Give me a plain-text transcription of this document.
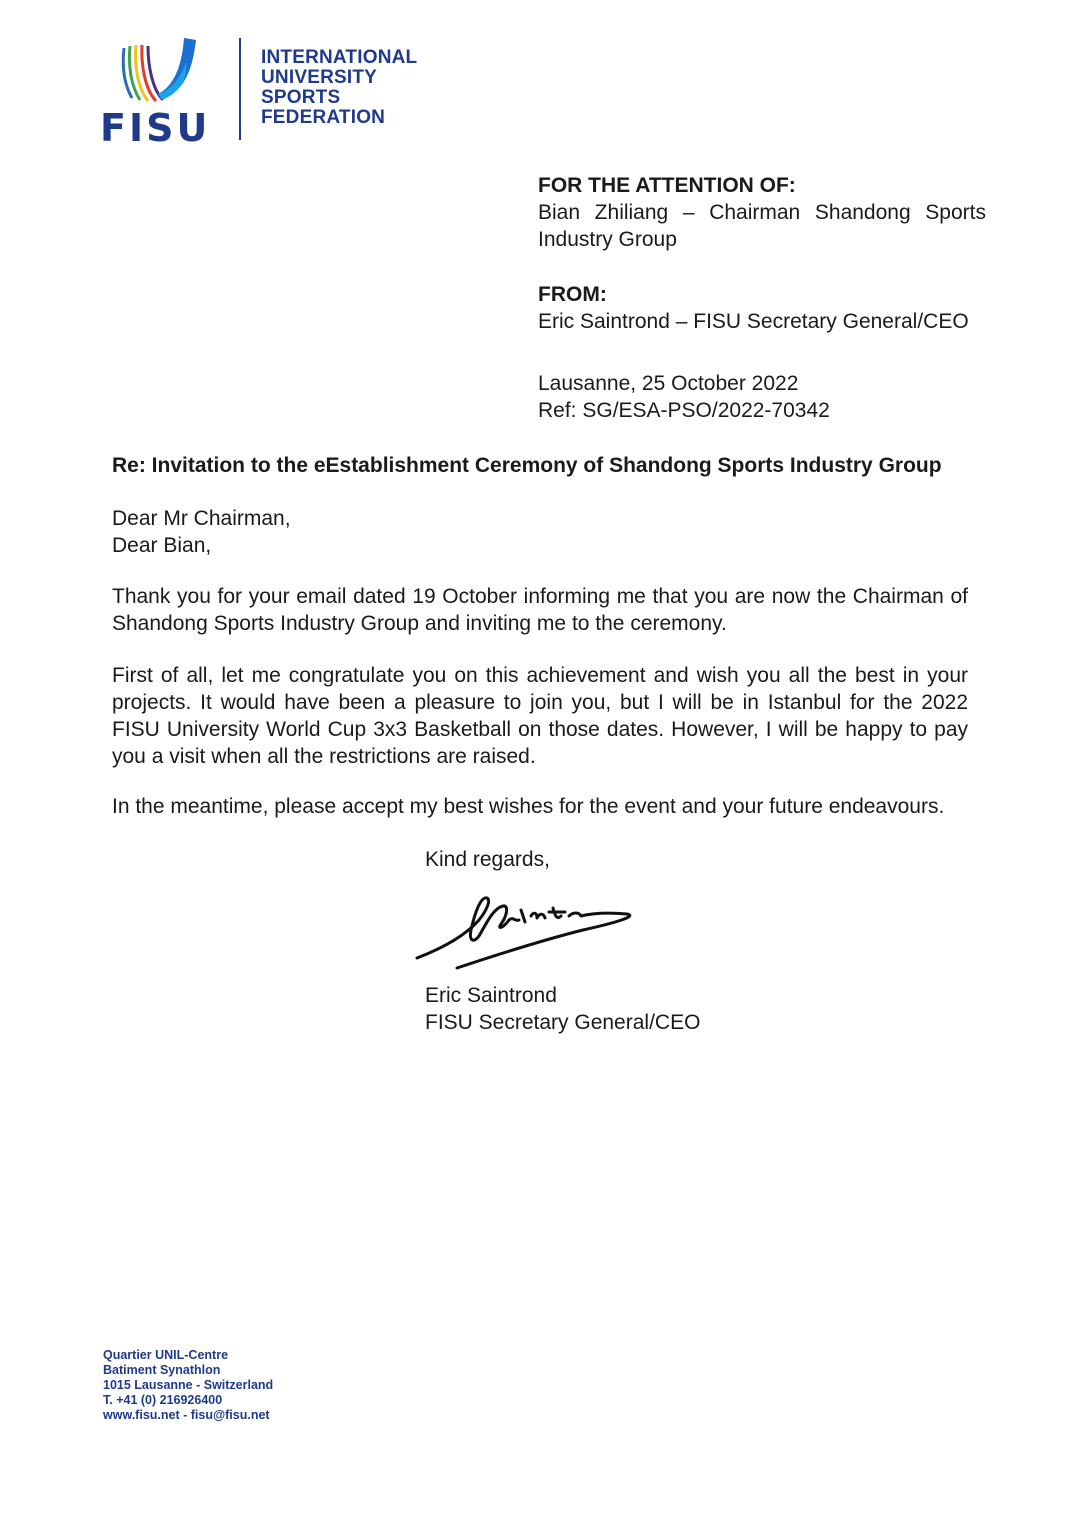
INTERNATIONAL
UNIVERSITY
SPORTS
FEDERATION
FISU
FOR THE ATTENTION OF:
Bian Zhiliang – Chairman Shandong Sports Industry Group
FROM:
Eric Saintrond – FISU Secretary General/CEO
Lausanne, 25 October 2022
Ref: SG/ESA-PSO/2022-70342
Re: Invitation to the eEstablishment Ceremony of Shandong Sports Industry Group
Dear Mr Chairman,
Dear Bian,
Thank you for your email dated 19 October informing me that you are now the Chairman of Shandong Sports Industry Group and inviting me to the ceremony.
First of all, let me congratulate you on this achievement and wish you all the best in your projects. It would have been a pleasure to join you, but I will be in Istanbul for the 2022 FISU University World Cup 3x3 Basketball on those dates. However, I will be happy to pay you a visit when all the restrictions are raised.
In the meantime, please accept my best wishes for the event and your future endeavours.
Kind regards,
Eric Saintrond
FISU Secretary General/CEO
Quartier UNIL-Centre
Batiment Synathlon
1015 Lausanne - Switzerland
T. +41 (0) 216926400
www.fisu.net - fisu@fisu.net
